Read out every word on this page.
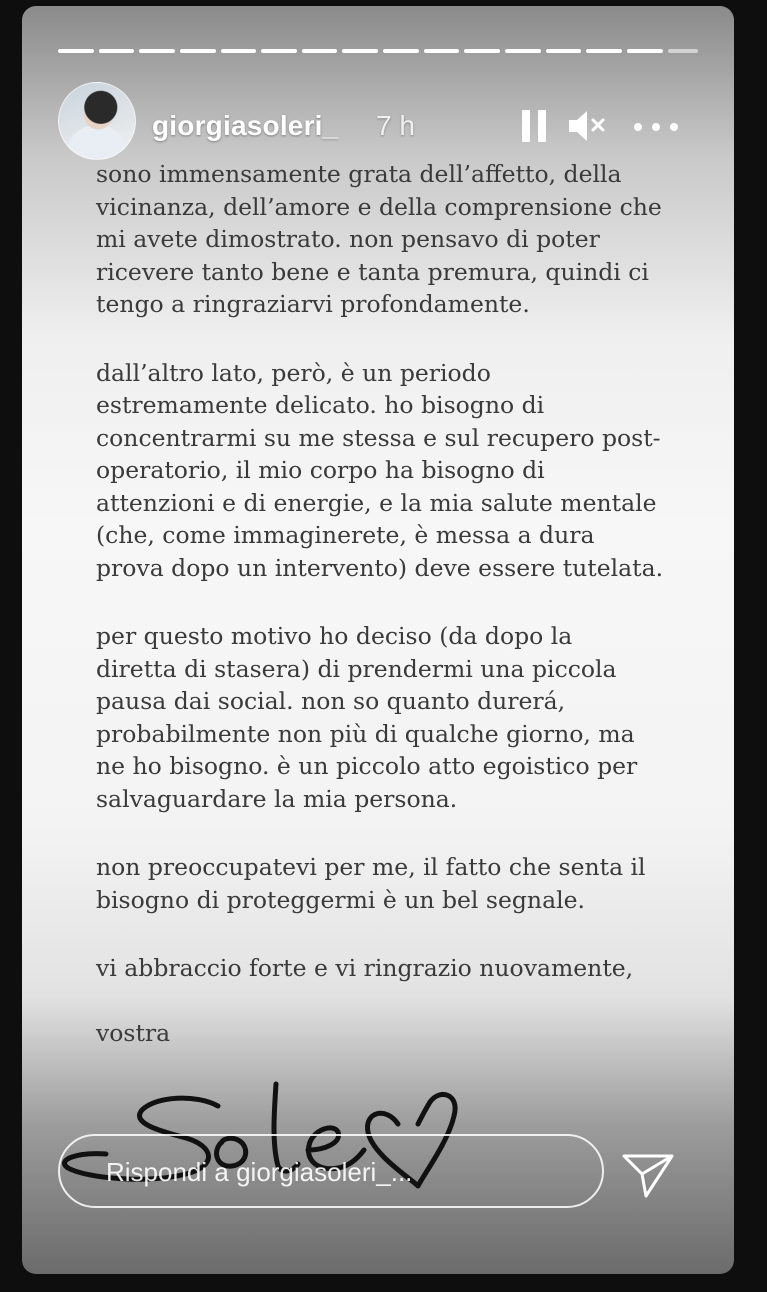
giorgiasoleri_ 7 h

sono immensamente grata dell’affetto, della
vicinanza, dell’amore e della comprensione che
mi avete dimostrato. non pensavo di poter
ricevere tanto bene e tanta premura, quindi ci
tengo a ringraziarvi profondamente.

dall’altro lato, però, è un periodo
estremamente delicato. ho bisogno di
concentrarmi su me stessa e sul recupero post-
operatorio, il mio corpo ha bisogno di
attenzioni e di energie, e la mia salute mentale
(che, come immaginerete, è messa a dura
prova dopo un intervento) deve essere tutelata.

per questo motivo ho deciso (da dopo la
diretta di stasera) di prendermi una piccola
pausa dai social. non so quanto durerá,
probabilmente non più di qualche giorno, ma
ne ho bisogno. è un piccolo atto egoistico per
salvaguardare la mia persona.

non preoccupatevi per me, il fatto che senta il
bisogno di proteggermi è un bel segnale.

vi abbraccio forte e vi ringrazio nuovamente,

vostra

Rispondi a giorgiasoleri_...
